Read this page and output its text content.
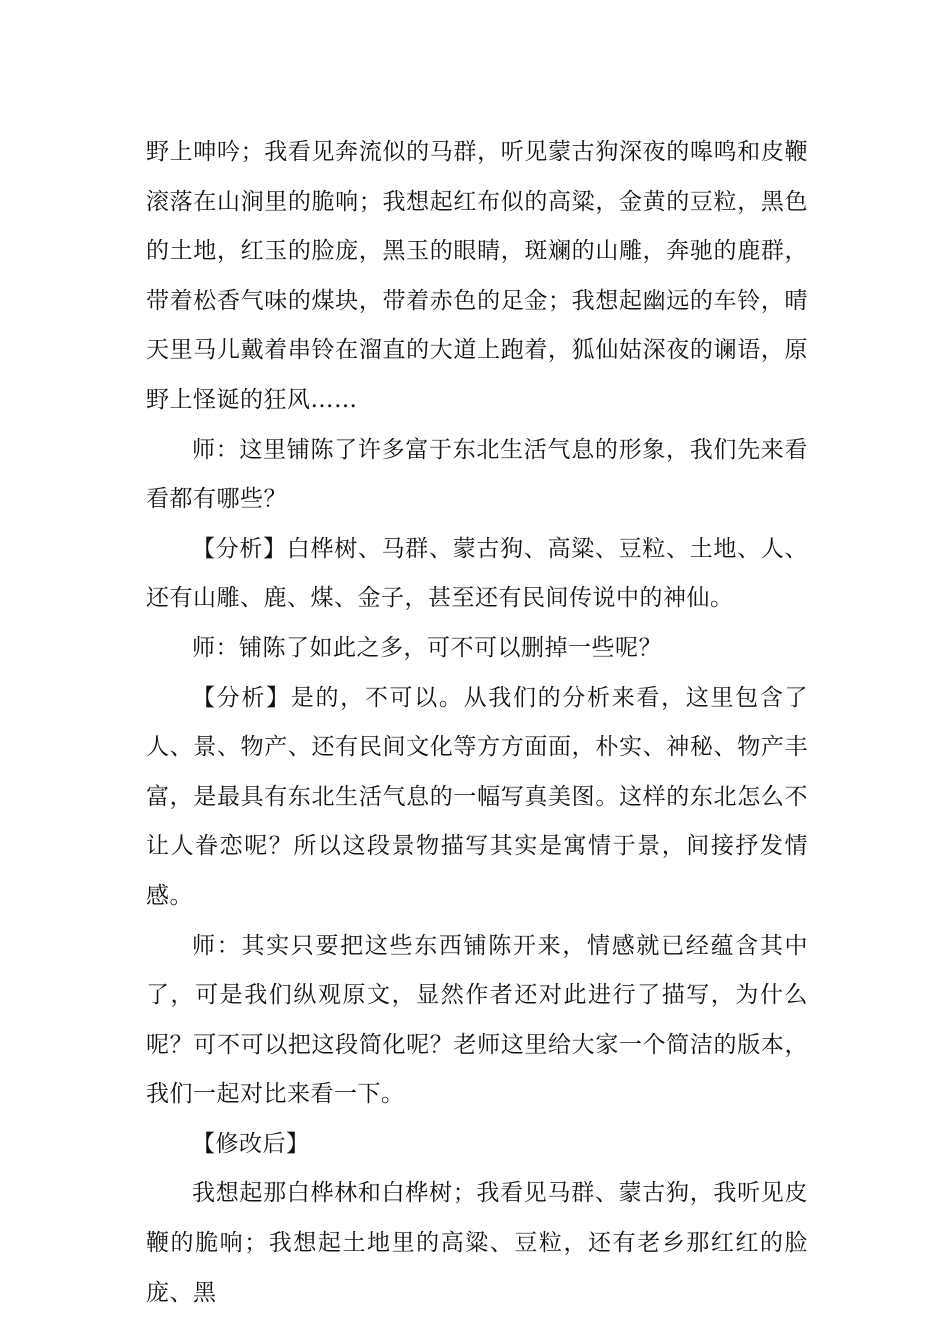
野上呻吟；我看见奔流似的马群，听见蒙古狗深夜的嗥鸣和皮鞭滚落在山涧里的脆响；我想起红布似的高粱，金黄的豆粒，黑色的土地，红玉的脸庞，黑玉的眼睛，斑斓的山雕，奔驰的鹿群，带着松香气味的煤块，带着赤色的足金；我想起幽远的车铃，晴天里马儿戴着串铃在溜直的大道上跑着，狐仙姑深夜的谰语，原野上怪诞的狂风……

师：这里铺陈了许多富于东北生活气息的形象，我们先来看看都有哪些？

【分析】白桦树、马群、蒙古狗、高粱、豆粒、土地、人、还有山雕、鹿、煤、金子，甚至还有民间传说中的神仙。

师：铺陈了如此之多，可不可以删掉一些呢？

【分析】是的，不可以。从我们的分析来看，这里包含了人、景、物产、还有民间文化等方方面面，朴实、神秘、物产丰富，是最具有东北生活气息的一幅写真美图。这样的东北怎么不让人眷恋呢？所以这段景物描写其实是寓情于景，间接抒发情感。

师：其实只要把这些东西铺陈开来，情感就已经蕴含其中了，可是我们纵观原文，显然作者还对此进行了描写，为什么呢？可不可以把这段简化呢？老师这里给大家一个简洁的版本，我们一起对比来看一下。

【修改后】

我想起那白桦林和白桦树；我看见马群、蒙古狗，我听见皮鞭的脆响；我想起土地里的高粱、豆粒，还有老乡那红红的脸庞、黑
